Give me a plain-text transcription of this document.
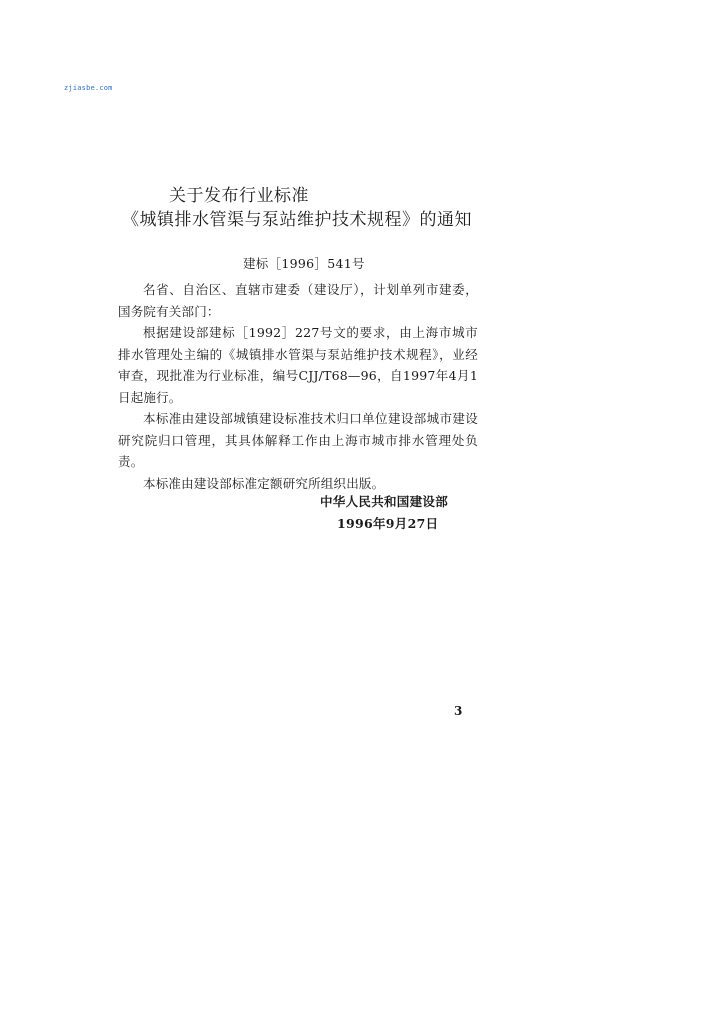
zjiasbe.com
关于发布行业标准
《城镇排水管渠与泵站维护技术规程》的通知
建标［1996］541号

名省、自治区、直辖市建委（建设厅），计划单列市建委，国务院有关部门：

根据建设部建标［1992］227号文的要求，由上海市城市排水管理处主编的《城镇排水管渠与泵站维护技术规程》，业经审查，现批准为行业标准，编号CJJ/T68—96，自1997年4月1日起施行。

本标准由建设部城镇建设标准技术归口单位建设部城市建设研究院归口管理，其具体解释工作由上海市城市排水管理处负责。

本标准由建设部标准定额研究所组织出版。

中华人民共和国建设部
1996年9月27日
3
